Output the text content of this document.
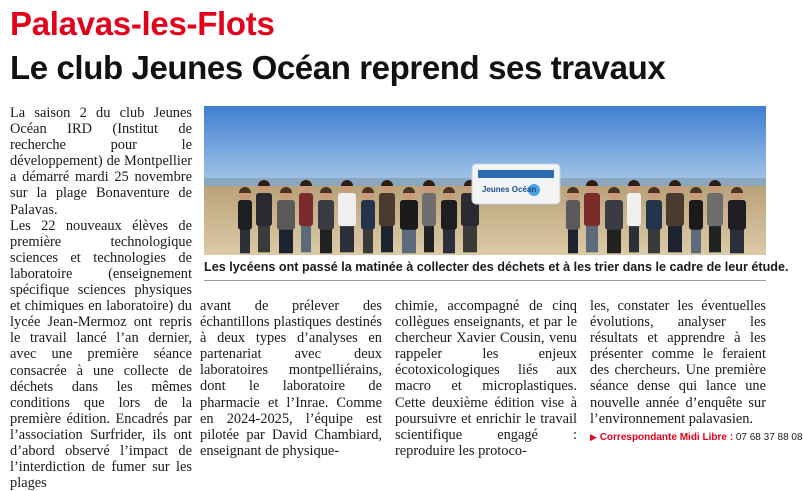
Palavas-les-Flots
Le club Jeunes Océan reprend ses travaux

La saison 2 du club Jeunes Océan IRD (Institut de recherche pour le développement) de Montpellier a démarré mardi 25 novembre sur la plage Bonaventure de Palavas.

Les 22 nouveaux élèves de première technologique sciences et technologies de laboratoire (enseignement spécifique sciences physiques et chimiques en laboratoire) du lycée Jean-Mermoz ont repris le travail lancé l’an dernier, avec une première séance consacrée à une collecte de déchets dans les mêmes conditions que lors de la première édition. Encadrés par l’association Surfrider, ils ont d’abord observé l’impact de l’interdiction de fumer sur les plages

Jeunes Océan
Les lycéens ont passé la matinée à collecter des déchets et à les trier dans le cadre de leur étude.

avant de prélever des échantillons plastiques destinés à deux types d’analyses en partenariat avec deux laboratoires montpelliérains, dont le laboratoire de pharmacie et l’Inrae. Comme en 2024-2025, l’équipe est pilotée par David Chambiard, enseignant de physique-

chimie, accompagné de cinq collègues enseignants, et par le chercheur Xavier Cousin, venu rappeler les enjeux écotoxicologiques liés aux macro et microplastiques. Cette deuxième édition vise à poursuivre et enrichir le travail scientifique engagé : reproduire les protoco-

les, constater les éventuelles évolutions, analyser les résultats et apprendre à les présenter comme le feraient des chercheurs. Une première séance dense qui lance une nouvelle année d’enquête sur l’environnement palavasien.

▶ Correspondante Midi Libre : 07 68 37 88 08
